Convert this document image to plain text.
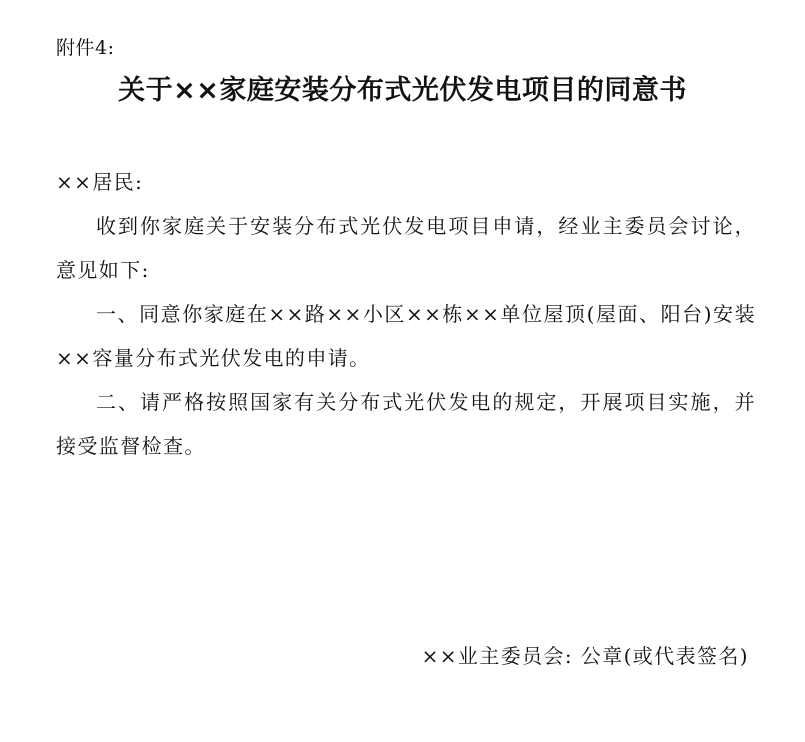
附件4:
关于××家庭安装分布式光伏发电项目的同意书

××居民:

收到你家庭关于安装分布式光伏发电项目申请，经业主委员会讨论，意见如下:

一、同意你家庭在××路××小区××栋××单位屋顶(屋面、阳台)安装××容量分布式光伏发电的申请。

二、请严格按照国家有关分布式光伏发电的规定，开展项目实施，并接受监督检查。

××业主委员会: 公章(或代表签名)
